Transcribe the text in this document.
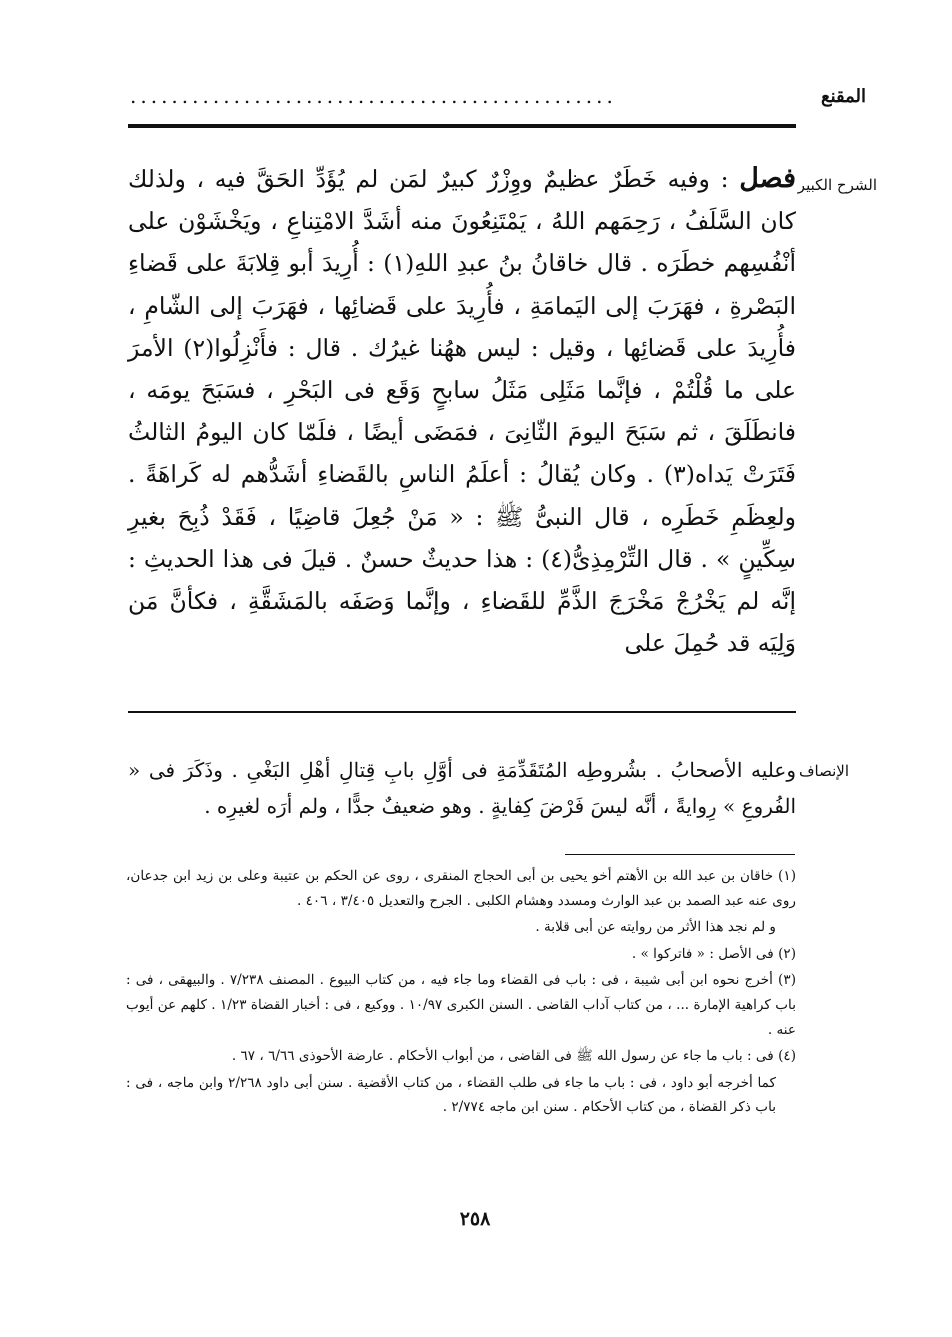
المقنع
...............................................
الشرح الكبير
فصل : وفيه خَطَرٌ عظيمٌ ووِزْرٌ كبيرٌ لمَن لم يُؤَدِّ الحَقَّ فيه ، ولذلك كان السَّلَفُ ، رَحِمَهم اللهُ ، يَمْتَنِعُونَ منه أشَدَّ الامْتِناعِ ، ويَخْشَوْن على أنْفُسِهم خطَرَه . قال خاقانُ بنُ عبدِ اللهِ(١) : أُرِيدَ أبو قِلابَةَ على قَضاءِ البَصْرةِ ، فهَرَبَ إلى اليَمامَةِ ، فأُرِيدَ على قَضائِها ، فهَرَبَ إلى الشّامِ ، فأُرِيدَ على قَضائِها ، وقيل : ليس ههُنا غيرُك . قال : فأَنْزِلُوا(٢) الأمرَ على ما قُلْتُمْ ، فإنَّما مَثَلِى مَثَلُ سابحٍ وَقَع فى البَحْرِ ، فسَبَحَ يومَه ، فانطَلَقَ ، ثم سَبَحَ اليومَ الثّانِىَ ، فمَضَى أيضًا ، فلَمّا كان اليومُ الثالثُ فَتَرَتْ يَداه(٣) . وكان يُقالُ : أعلَمُ الناسِ بالقَضاءِ أشَدُّهم له كَراهَةً . ولعِظَمِ خَطَرِه ، قال النبىُّ ﷺ : « مَنْ جُعِلَ قاضِيًا ، فَقَدْ ذُبِحَ بغيرِ سِكِّينٍ » . قال التِّرْمِذِىُّ(٤) : هذا حديثٌ حسنٌ . قيلَ فى هذا الحديثِ : إنَّه لم يَخْرُجْ مَخْرَجَ الذَّمِّ للقَضاءِ ، وإنَّما وَصَفَه بالمَشَقَّةِ ، فكأنَّ مَن وَلِيَه قد حُمِلَ على
الإنصاف
وعليه الأصحابُ . بشُروطِه المُتَقَدِّمَةِ فى أوَّلِ بابِ قِتالِ أهْلِ البَغْىِ . وذَكَرَ فى « الفُروعِ » رِوايةً ، أنَّه ليسَ فَرْضَ كِفايةٍ . وهو ضعيفٌ جدًّا ، ولم أرَه لغيرِه .

(١) خاقان بن عبد الله بن الأهتم أخو يحيى بن أبى الحجاج المنقرى ، روى عن الحكم بن عتيبة وعلى بن زيد ابن جدعان، روى عنه عبد الصمد بن عبد الوارث ومسدد وهشام الكلبى . الجرح والتعديل ٣/٤٠٥ ، ٤٠٦ .

و لم نجد هذا الأثر من روايته عن أبى قلابة .

(٢) فى الأصل : « فاتركوا » .

(٣) أخرج نحوه ابن أبى شيبة ، فى : باب فى القضاء وما جاء فيه ، من كتاب البيوع . المصنف ٧/٢٣٨ . والبيهقى ، فى : باب كراهية الإمارة ... ، من كتاب آداب القاضى . السنن الكبرى ١٠/٩٧ . ووكيع ، فى : أخبار القضاة ١/٢٣ . كلهم عن أيوب عنه .

(٤) فى : باب ما جاء عن رسول الله ﷺ فى القاضى ، من أبواب الأحكام . عارضة الأحوذى ٦/٦٦ ، ٦٧ .

كما أخرجه أبو داود ، فى : باب ما جاء فى طلب القضاء ، من كتاب الأقضية . سنن أبى داود ٢/٢٦٨ وابن ماجه ، فى : باب ذكر القضاة ، من كتاب الأحكام . سنن ابن ماجه ٢/٧٧٤ .

٢٥٨
